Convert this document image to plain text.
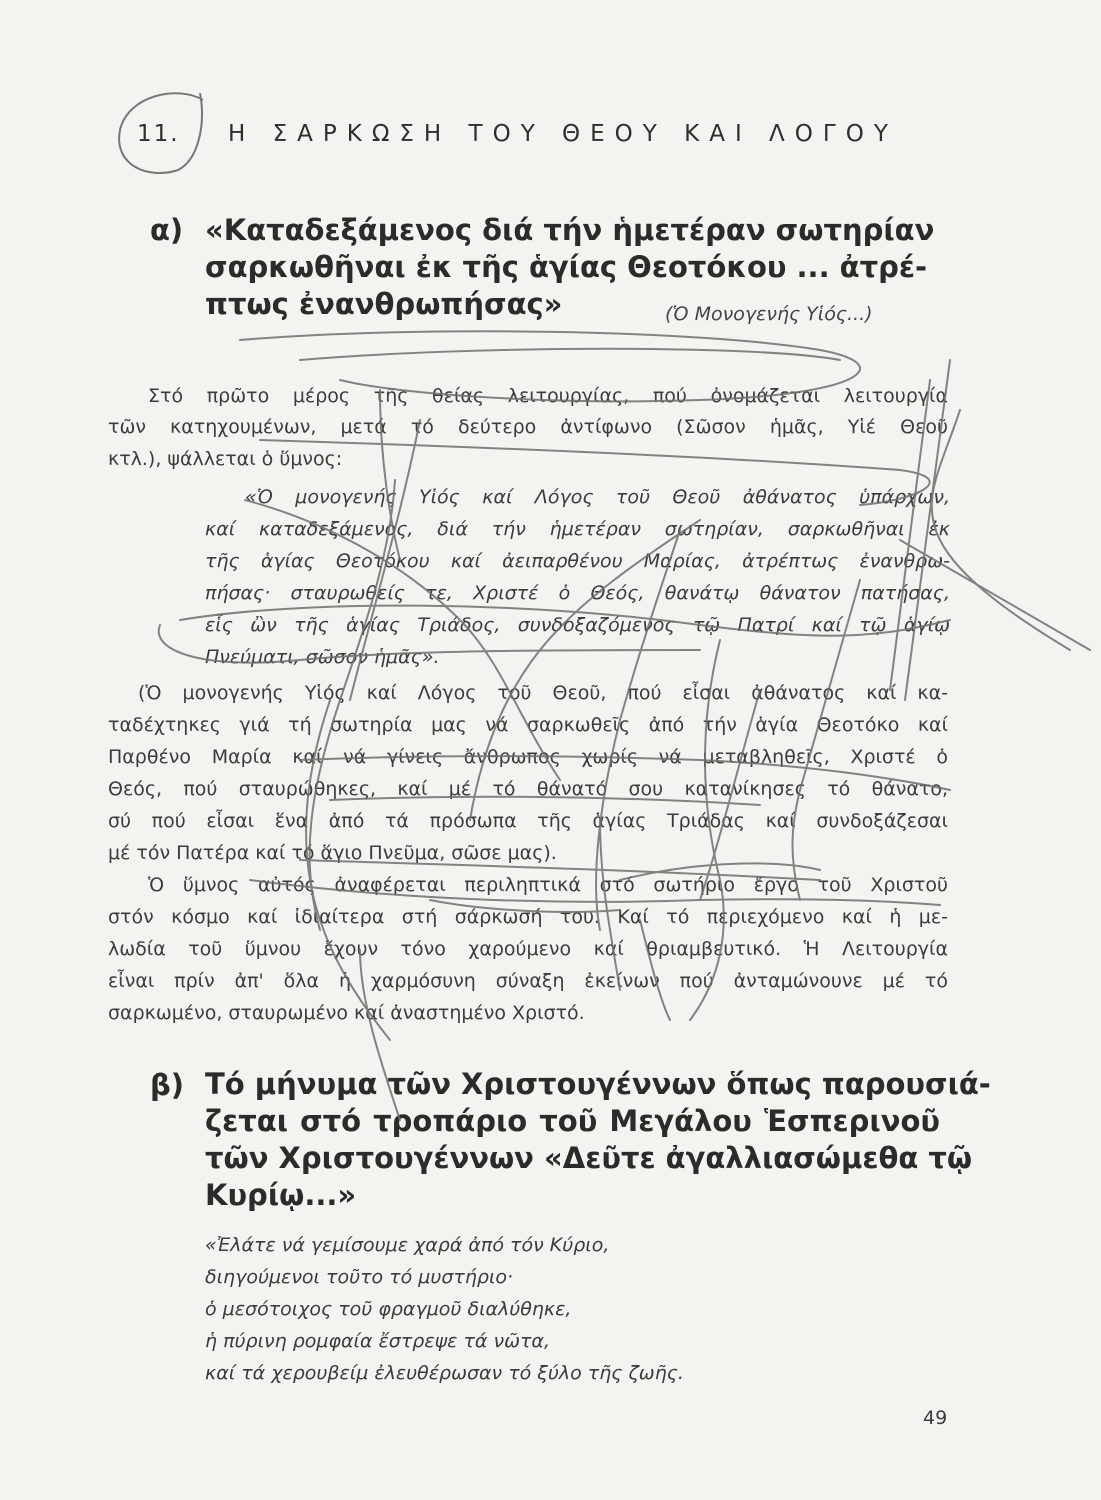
11. Η ΣΑΡΚΩΣΗ ΤΟΥ ΘΕΟΥ ΚΑΙ ΛΟΓΟΥ
α) «Καταδεξάμενος διά τήν ἡμετέραν σωτηρίαν
σαρκωθῆναι ἐκ τῆς ἁγίας Θεοτόκου ... ἀτρέ-
πτως ἐνανθρωπήσας»	(Ὁ Μονογενής Υἱός...)
Στό πρῶτο μέρος τῆς θείας λειτουργίας, πού ὀνομάζεται λειτουργία
τῶν κατηχουμένων, μετά τό δεύτερο ἀντίφωνο (Σῶσον ἡμᾶς, Υἱέ Θεοῦ
κτλ.), ψάλλεται ὁ ὕμνος:
«Ὁ μονογενής Υἱός καί Λόγος τοῦ Θεοῦ ἀθάνατος ὑπάρχων,
καί καταδεξάμενος, διά τήν ἡμετέραν σωτηρίαν, σαρκωθῆναι ἐκ
τῆς ἁγίας Θεοτόκου καί ἀειπαρθένου Μαρίας, ἀτρέπτως ἐνανθρω-
πήσας· σταυρωθείς τε, Χριστέ ὁ Θεός, θανάτῳ θάνατον πατήσας,
εἷς ὢν τῆς ἁγίας Τριάδος, συνδοξαζόμενος τῷ Πατρί καί τῷ ἁγίῳ
Πνεύματι, σῶσον ἡμᾶς».
(Ὁ μονογενής Υἱός καί Λόγος τοῦ Θεοῦ, πού εἶσαι ἀθάνατος καί κα-
ταδέχτηκες γιά τή σωτηρία μας νά σαρκωθεῖς ἀπό τήν ἁγία Θεοτόκο καί
Παρθένο Μαρία καί νά γίνεις ἄνθρωπος χωρίς νά μεταβληθεῖς, Χριστέ ὁ
Θεός, πού σταυρώθηκες, καί μέ τό θάνατό σου κατανίκησες τό θάνατο,
σύ πού εἶσαι ἕνα ἀπό τά πρόσωπα τῆς ἁγίας Τριάδας καί συνδοξάζεσαι
μέ τόν Πατέρα καί τό ἅγιο Πνεῦμα, σῶσε μας).
Ὁ ὕμνος αὐτός ἀναφέρεται περιληπτικά στό σωτήριο ἔργο τοῦ Χριστοῦ
στόν κόσμο καί ἰδιαίτερα στή σάρκωσή του. Καί τό περιεχόμενο καί ἡ με-
λωδία τοῦ ὕμνου ἔχουν τόνο χαρούμενο καί θριαμβευτικό. Ἡ Λειτουργία
εἶναι πρίν ἀπ' ὅλα ἡ χαρμόσυνη σύναξη ἐκείνων πού ἀνταμώνουνε μέ τό
σαρκωμένο, σταυρωμένο καί ἀναστημένο Χριστό.
β) Τό μήνυμα τῶν Χριστουγέννων ὅπως παρουσιά-
ζεται στό τροπάριο τοῦ Μεγάλου Ἑσπερινοῦ
τῶν Χριστουγέννων «Δεῦτε ἀγαλλιασώμεθα τῷ
Κυρίῳ...»
«Ἐλάτε νά γεμίσουμε χαρά ἀπό τόν Κύριο,
διηγούμενοι τοῦτο τό μυστήριο·
ὁ μεσότοιχος τοῦ φραγμοῦ διαλύθηκε,
ἡ πύρινη ρομφαία ἔστρεψε τά νῶτα,
καί τά χερουβείμ ἐλευθέρωσαν τό ξύλο τῆς ζωῆς.
49
